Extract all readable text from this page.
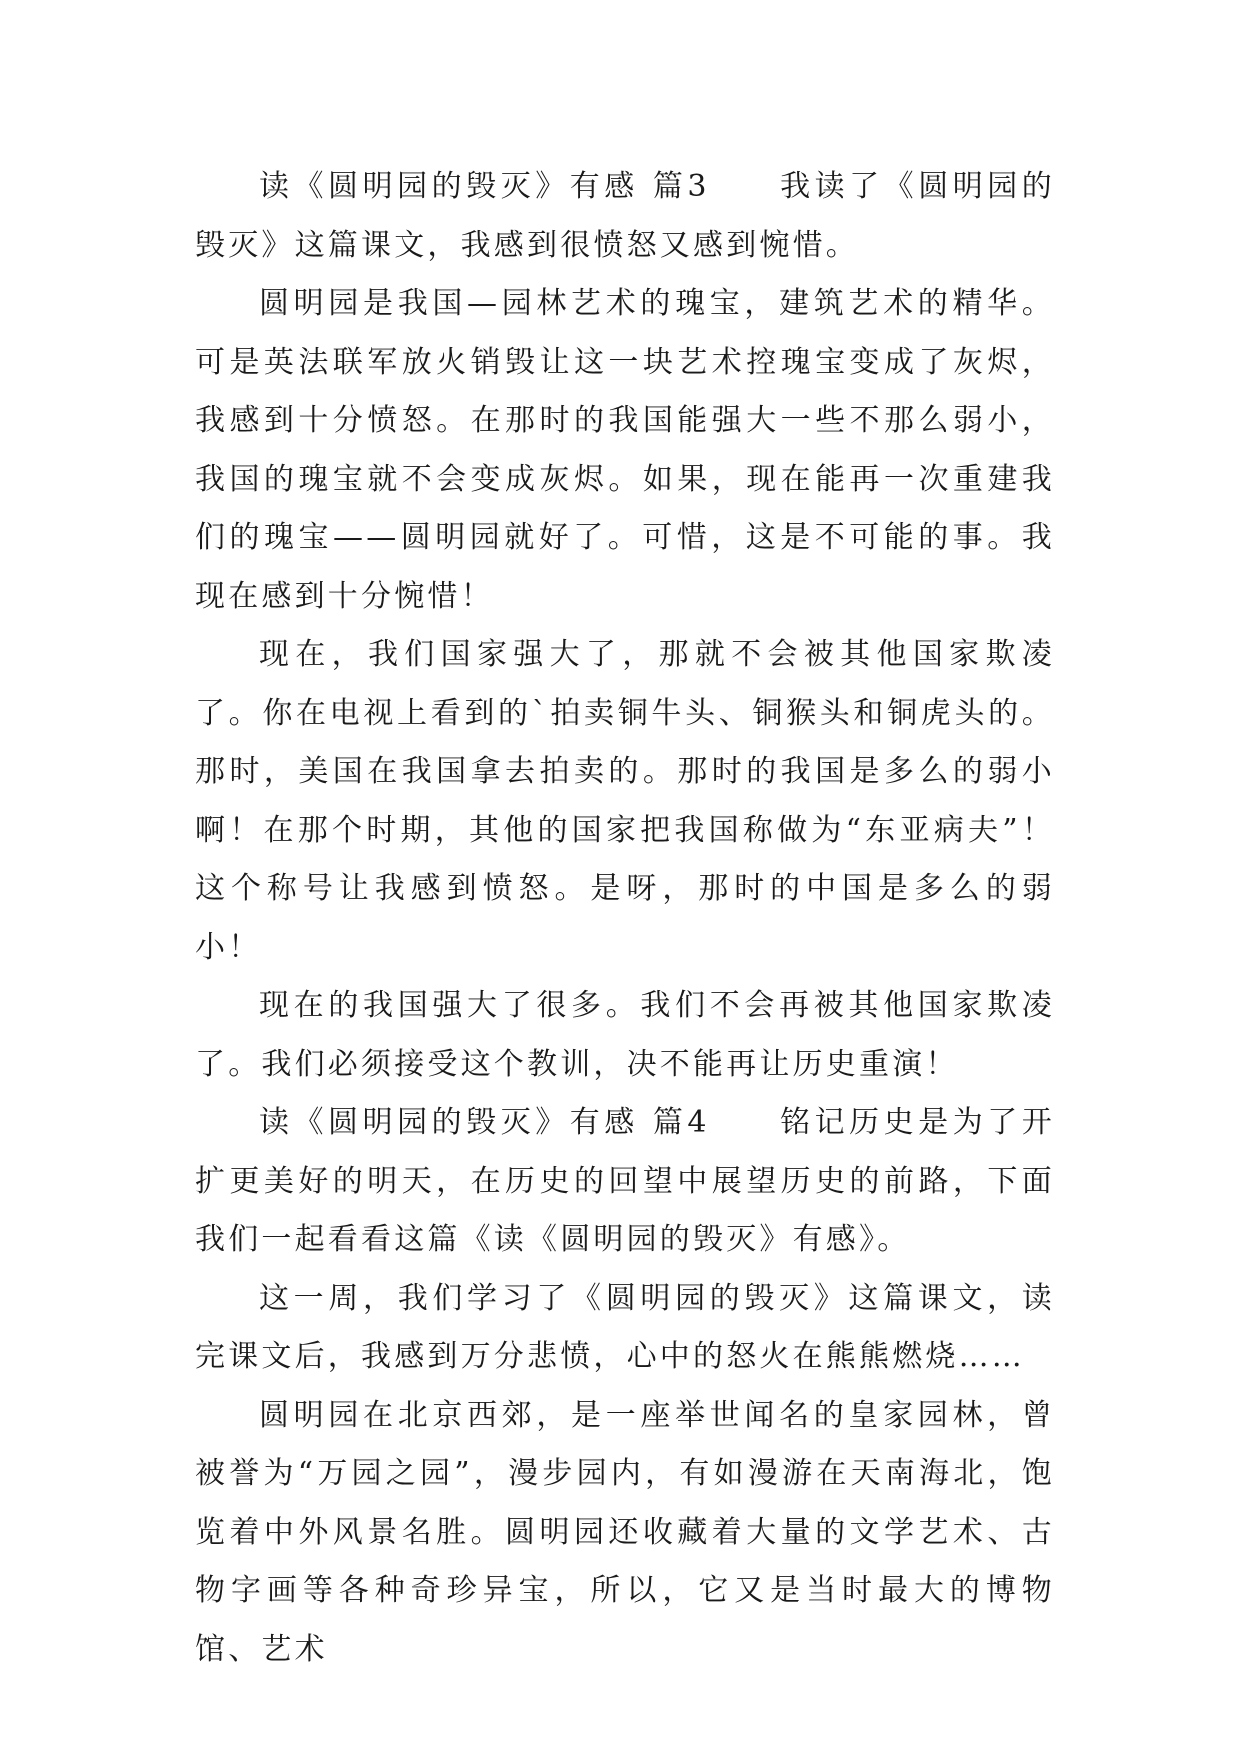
读《圆明园的毁灭》有感 篇3　　我读了《圆明园的毁灭》这篇课文，我感到很愤怒又感到惋惜。

圆明园是我国—园林艺术的瑰宝，建筑艺术的精华。可是英法联军放火销毁让这一块艺术控瑰宝变成了灰烬，我感到十分愤怒。在那时的我国能强大一些不那么弱小，我国的瑰宝就不会变成灰烬。如果，现在能再一次重建我们的瑰宝——圆明园就好了。可惜，这是不可能的事。我现在感到十分惋惜！

现在，我们国家强大了，那就不会被其他国家欺凌了。你在电视上看到的`拍卖铜牛头、铜猴头和铜虎头的。那时，美国在我国拿去拍卖的。那时的我国是多么的弱小啊！在那个时期，其他的国家把我国称做为“东亚病夫”！这个称号让我感到愤怒。是呀，那时的中国是多么的弱小！

现在的我国强大了很多。我们不会再被其他国家欺凌了。我们必须接受这个教训，决不能再让历史重演！

读《圆明园的毁灭》有感 篇4　　铭记历史是为了开扩更美好的明天，在历史的回望中展望历史的前路，下面我们一起看看这篇《读《圆明园的毁灭》有感》。

这一周，我们学习了《圆明园的毁灭》这篇课文，读完课文后，我感到万分悲愤，心中的怒火在熊熊燃烧……

圆明园在北京西郊，是一座举世闻名的皇家园林，曾被誉为“万园之园”，漫步园内，有如漫游在天南海北，饱览着中外风景名胜。圆明园还收藏着大量的文学艺术、古物字画等各种奇珍异宝，所以，它又是当时最大的博物馆、艺术
